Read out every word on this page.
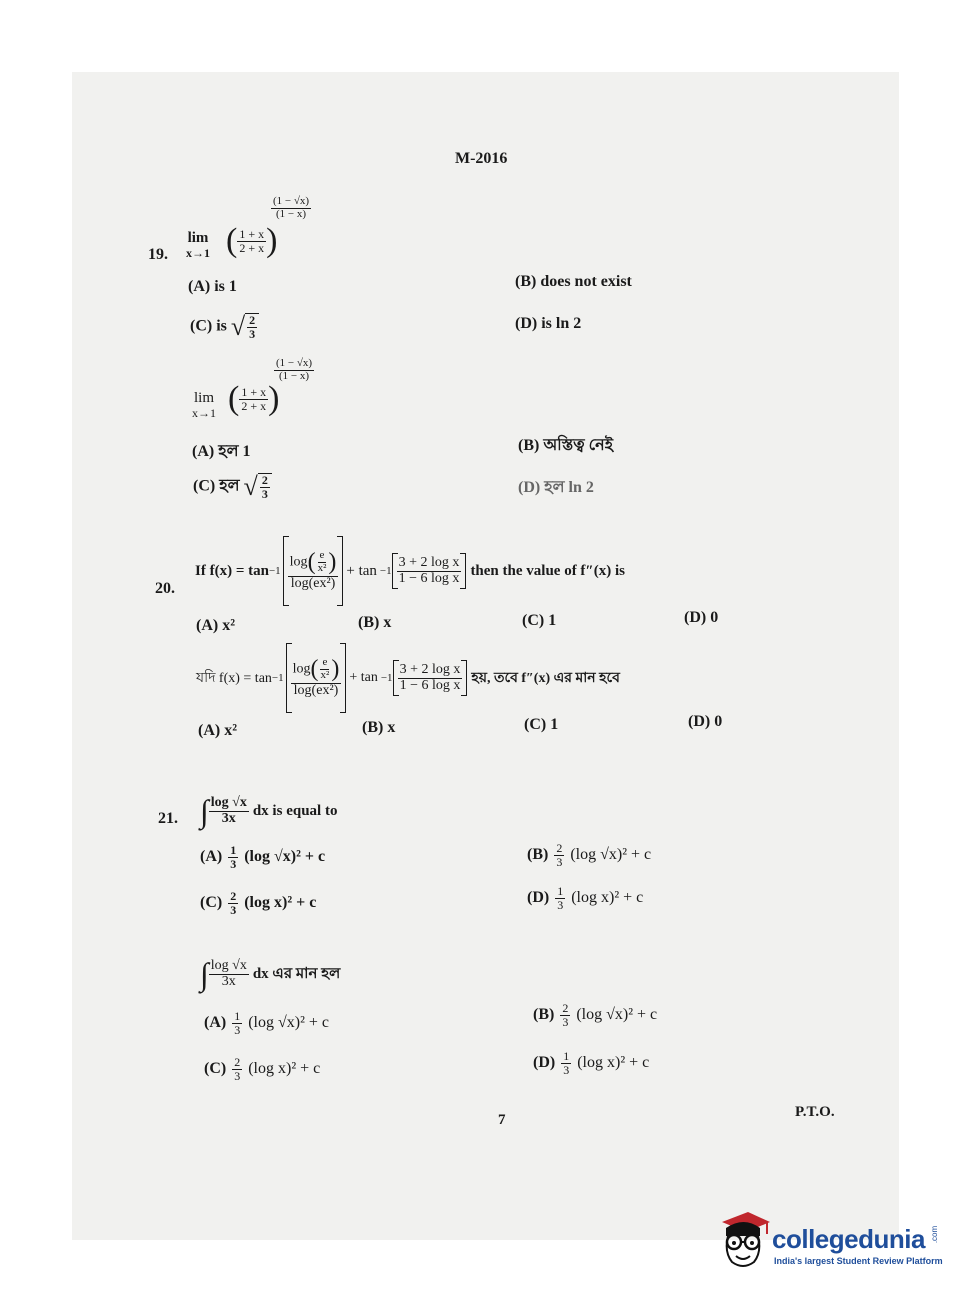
M-2016
19.
lim
x→1 ( $\frac{1 + x}{2 + x}$ )
$\frac{(1 - √x)}{(1 - x)}$
(A) is 1	(B) does not exist
(C) is √ $\frac{2}{3}$	(D) is ln 2
lim
x→1 ( $\frac{1 + x}{2 + x}$ )
$\frac{(1 - √x)}{(1 - x)}$
(A) হল 1	(B) অস্তিত্ব নেই
(C) হল √ $\frac{2}{3}$	(D) হল ln 2
20.
If $f(x) = \tan -1 \frac{\log( \frac{e}{\text{x²}} )}{\text{log(ex²)}} + \tan -1 \frac{\text{3 + 2 log x}}{\text{1 − 6 log x}}$ then the value of f″(x) is
(A) x²	(B) x	(C) 1	(D) 0
যদি $f(x) = \tan -1 \frac{\log( \frac{e}{\text{x²}} )}{\text{log(ex²)}} + \tan -1 \frac{\text{3 + 2 log x}}{\text{1 − 6 log x}}$ হয়, তবে f″(x) এর মান হবে
(A) x²	(B) x	(C) 1	(D) 0
21. ∫ $\frac{\log √x}{3x}$ dx is equal to
$(A) \frac{1}{3} (\log$ √x)² + c	$(B) \frac{2}{3} (\log$ √x)² + c
$(C) \frac{2}{3} (\log$ x)² + c	$(D) \frac{1}{3} (\log$ x)² + c
∫ $\frac{\log √x}{3x}$ dx এর মান হল
$(A) \frac{1}{3} (\log$ √x)² + c	$(B) \frac{2}{3} (\log$ √x)² + c
$(C) \frac{2}{3} (\log$ x)² + c	$(D) \frac{1}{3} (\log$ x)² + c
7	P.T.O.
collegedunia .com
India's largest Student Review Platform
